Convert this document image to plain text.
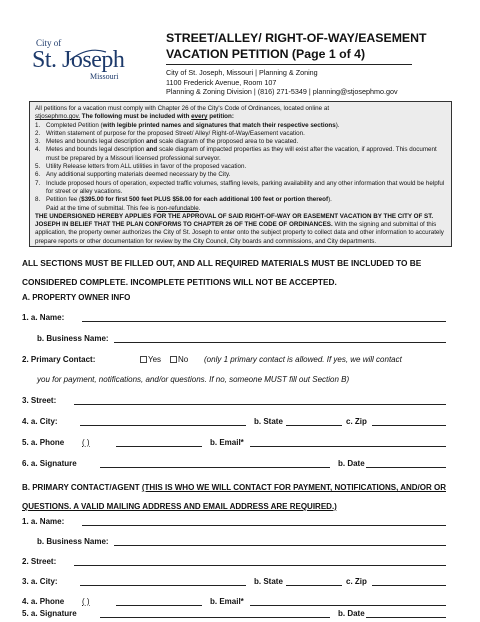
City of
St. Joseph
Missouri
STREET/ALLEY/ RIGHT-OF-WAY/EASEMENT
VACATION PETITION (Page 1 of 4)
City of St. Joseph, Missouri | Planning & Zoning
1100 Frederick Avenue, Room 107
Planning & Zoning Division | (816) 271-5349 | planning@stjosephmo.gov
All petitions for a vacation must comply with Chapter 26 of the City's Code of Ordinances, located online at
stjosephmo.gov. The following must be included with every petition:
1. Completed Petition (with legible printed names and signatures that match their respective sections).
2. Written statement of purpose for the proposed Street/ Alley/ Right-of-Way/Easement vacation.
3. Metes and bounds legal description and scale diagram of the proposed area to be vacated.
4. Metes and bounds legal description and scale diagram of impacted properties as they will exist after the vacation, if approved. This document must be prepared by a Missouri licensed professional surveyor.
5. Utility Release letters from ALL utilities in favor of the proposed vacation.
6. Any additional supporting materials deemed necessary by the City.
7. Include proposed hours of operation, expected traffic volumes, staffing levels, parking availability and any other information that would be helpful for street or alley vacations.
8. Petition fee ($395.00 for first 500 feet PLUS $58.00 for each additional 100 feet or portion thereof).
Paid at the time of submittal. This fee is non-refundable.
THE UNDERSIGNED HEREBY APPLIES FOR THE APPROVAL OF SAID RIGHT-OF-WAY OR EASEMENT VACATION BY THE CITY OF ST. JOSEPH IN BELIEF THAT THE PLAN CONFORMS TO CHAPTER 26 OF THE CODE OF ORDINANCES. With the signing and submittal of this application, the property owner authorizes the City of St. Joseph to enter onto the subject property to collect data and other information to accurately prepare reports or other documentation for review by the City Council, City boards and commissions, and City departments.
ALL SECTIONS MUST BE FILLED OUT, AND ALL REQUIRED MATERIALS MUST BE INCLUDED TO BE CONSIDERED COMPLETE. INCOMPLETE PETITIONS WILL NOT BE ACCEPTED.
A. PROPERTY OWNER INFO
1. a. Name:
b. Business Name:
2. Primary Contact:	Yes	No (only 1 primary contact is allowed. If yes, we will contact
you for payment, notifications, and/or questions. If no, someone MUST fill out Section B)
3. Street:
4. a. City:	b. State	c. Zip
5. a. Phone ( )	b. Email*
6. a. Signature	b. Date
B. PRIMARY CONTACT/AGENT (THIS IS WHO WE WILL CONTACT FOR PAYMENT, NOTIFICATIONS, AND/OR OR QUESTIONS. A VALID MAILING ADDRESS AND EMAIL ADDRESS ARE REQUIRED.)
1. a. Name:
b. Business Name:
2. Street:
3. a. City:	b. State	c. Zip
4. a. Phone ( )	b. Email*
5. a. Signature	b. Date
